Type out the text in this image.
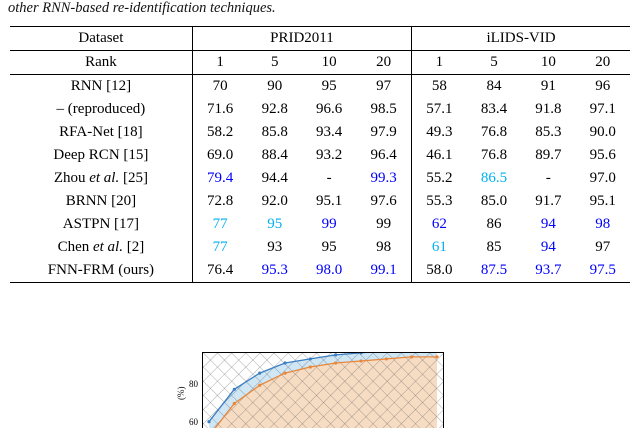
other RNN-based re-identification techniques.
Dataset	PRID2011				iLIDS-VID			
Rank	1	5	10	20	1	5	10	20
RNN [12]	70	90	95	97	58	84	91	96
– (reproduced)	71.6	92.8	96.6	98.5	57.1	83.4	91.8	97.1
RFA-Net [18]	58.2	85.8	93.4	97.9	49.3	76.8	85.3	90.0
Deep RCN [15]	69.0	88.4	93.2	96.4	46.1	76.8	89.7	95.6
Zhou et al. [25]	79.4	94.4	-	99.3	55.2	86.5	-	97.0
BRNN [20]	72.8	92.0	95.1	97.6	55.3	85.0	91.7	95.1
ASTPN [17]	77	95	99	99	62	86	94	98
Chen et al. [2]	77	93	95	98	61	85	94	97
FNN-FRM (ours)	76.4	95.3	98.0	99.1	58.0	87.5	93.7	97.5
(%)
80
60
